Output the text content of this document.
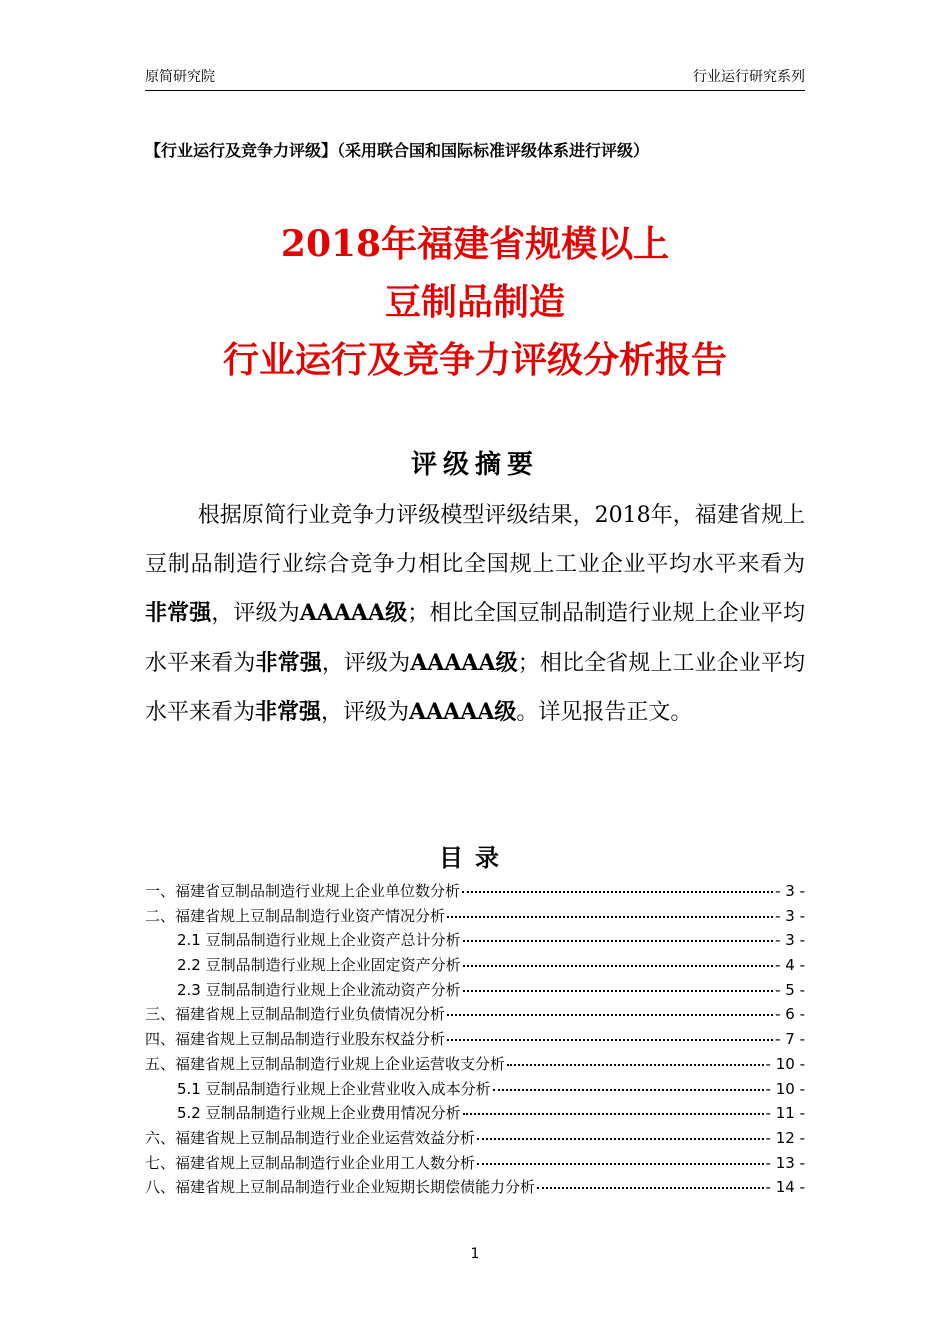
原简研究院	行业运行研究系列
【行业运行及竞争力评级】（采用联合国和国际标准评级体系进行评级）
2018年福建省规模以上
豆制品制造
行业运行及竞争力评级分析报告
评级摘要

根据原简行业竞争力评级模型评级结果，2018年，福建省规上豆制品制造行业综合竞争力相比全国规上工业企业平均水平来看为非常强，评级为AAAAA级；相比全国豆制品制造行业规上企业平均水平来看为非常强，评级为AAAAA级；相比全省规上工业企业平均水平来看为非常强，评级为AAAAA级。详见报告正文。

目录
一、福建省豆制品制造行业规上企业单位数分析	- 3 -
二、福建省规上豆制品制造行业资产情况分析	- 3 -
2.1 豆制品制造行业规上企业资产总计分析	- 3 -
2.2 豆制品制造行业规上企业固定资产分析	- 4 -
2.3 豆制品制造行业规上企业流动资产分析	- 5 -
三、福建省规上豆制品制造行业负债情况分析	- 6 -
四、福建省规上豆制品制造行业股东权益分析	- 7 -
五、福建省规上豆制品制造行业规上企业运营收支分析	- 10 -
5.1 豆制品制造行业规上企业营业收入成本分析	- 10 -
5.2 豆制品制造行业规上企业费用情况分析	- 11 -
六、福建省规上豆制品制造行业企业运营效益分析	- 12 -
七、福建省规上豆制品制造行业企业用工人数分析	- 13 -
八、福建省规上豆制品制造行业企业短期长期偿债能力分析	- 14 -
1
